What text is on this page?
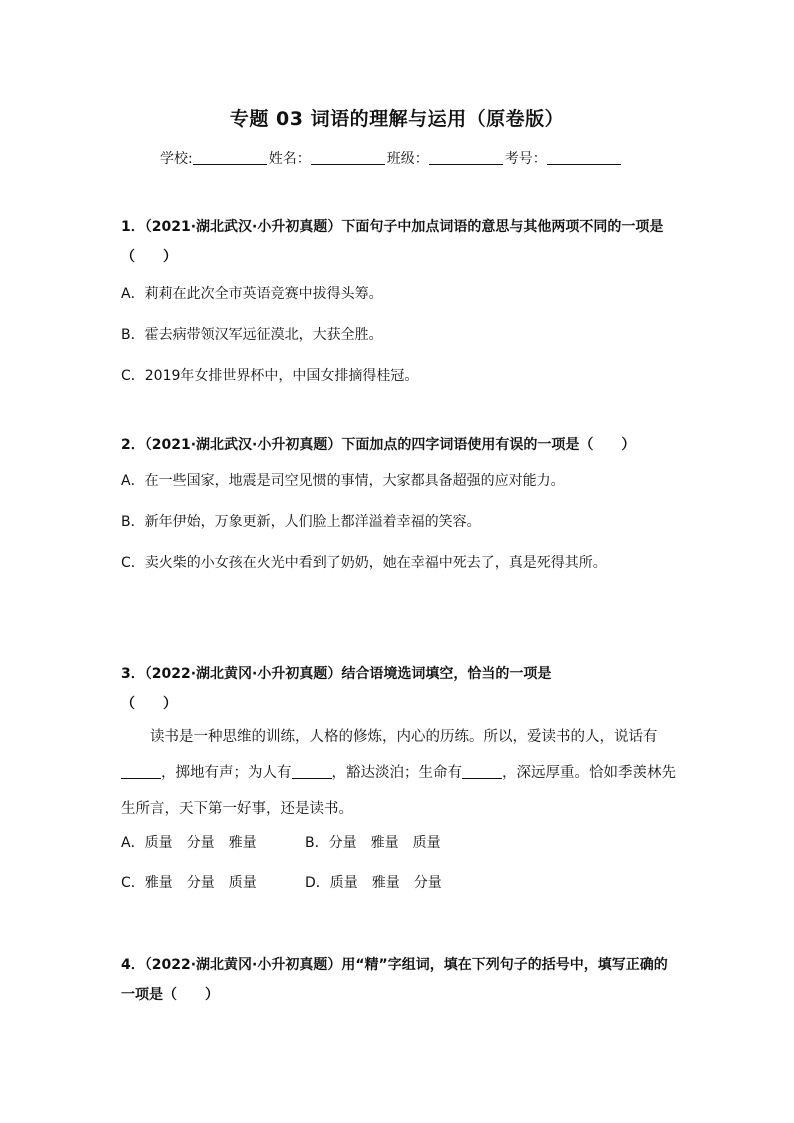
专题 03 词语的理解与运用（原卷版）
学校:	姓名：	班级：	考号：
1．（2021·湖北武汉·小升初真题）下面句子中加点词语的意思与其他两项不同的一项是（　　）
A．莉莉在此次全市英语竞赛中拔得头筹。
B．霍去病带领汉军远征漠北，大获全胜。
C．2019年女排世界杯中，中国女排摘得桂冠。
2．（2021·湖北武汉·小升初真题）下面加点的四字词语使用有误的一项是（　　）
A．在一些国家，地震是司空见惯的事情，大家都具备超强的应对能力。
B．新年伊始，万象更新，人们脸上都洋溢着幸福的笑容。
C．卖火柴的小女孩在火光中看到了奶奶，她在幸福中死去了，真是死得其所。
3．（2022·湖北黄冈·小升初真题）结合语境选词填空，恰当的一项是
（　　）
读书是一种思维的训练，人格的修炼，内心的历练。所以，爱读书的人，说话有，掷地有声；为人有	，豁达淡泊；生命有	，深远厚重。恰如季羡林先生所言，天下第一好事，还是读书。
A．质量　分量　雅量	B．分量　雅量　质量
C．雅量　分量　质量	D．质量　雅量　分量
4．（2022·湖北黄冈·小升初真题）用“精”字组词，填在下列句子的括号中，填写正确的一项是（　　）
